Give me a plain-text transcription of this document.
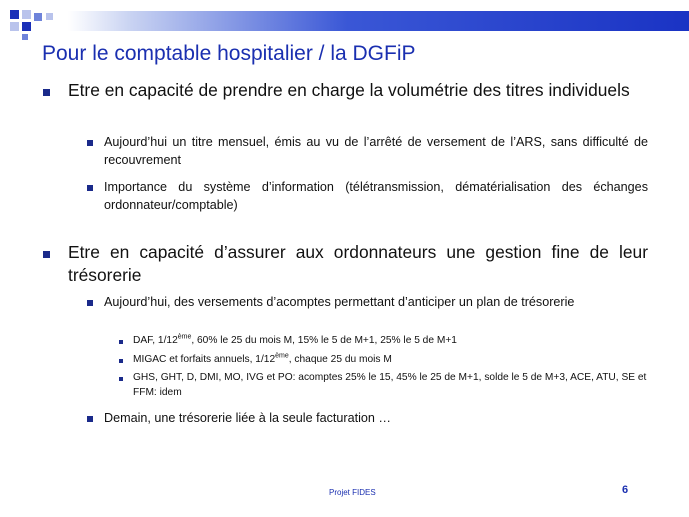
Pour le comptable hospitalier / la DGFiP
Etre en capacité de prendre en charge la volumétrie des titres individuels
Aujourd’hui un titre mensuel, émis au vu de l’arrêté de versement de l’ARS, sans difficulté de recouvrement
Importance du système d’information (télétransmission, dématérialisation des échanges ordonnateur/comptable)
Etre en capacité d’assurer aux ordonnateurs une gestion fine de leur trésorerie
Aujourd’hui, des versements d’acomptes permettant d’anticiper un plan de trésorerie
DAF, 1/12ème, 60% le 25 du mois M, 15% le 5 de M+1, 25% le 5 de M+1
MIGAC et forfaits annuels, 1/12ème, chaque 25 du mois M
GHS, GHT, D, DMI, MO, IVG et PO: acomptes 25% le 15, 45% le 25 de M+1, solde le 5 de M+3, ACE, ATU, SE et FFM: idem
Demain, une trésorerie liée à la seule facturation …
Projet FIDES	6
